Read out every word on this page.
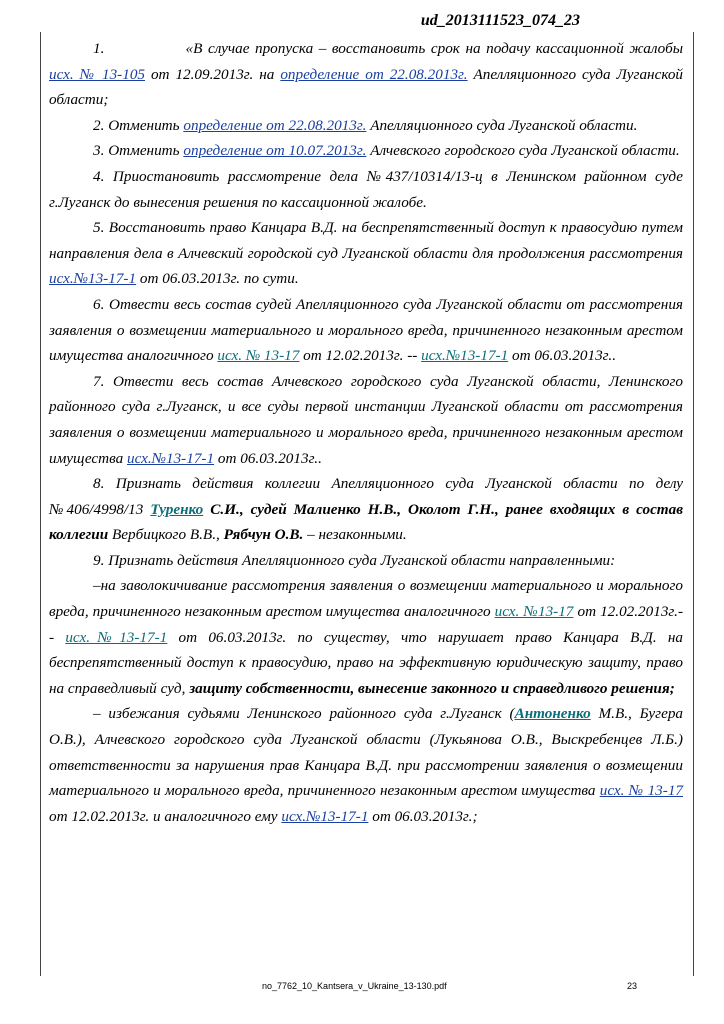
ud_2013111523_074_23

1.	«В случае пропуска – восстановить срок на подачу кассационной жалобы исх. № 13-105 от 12.09.2013г. на определение от 22.08.2013г. Апелляционного суда Луганской области;

2. Отменить определение от 22.08.2013г. Апелляционного суда Луганской области.

3. Отменить определение от 10.07.2013г. Алчевского городского суда Луганской области.

4. Приостановить рассмотрение дела №437/10314/13-ц в Ленинском районном суде г.Луганск до вынесения решения по кассационной жалобе.

5. Восстановить право Канцара В.Д. на беспрепятственный доступ к правосудию путем направления дела в Алчевский городской суд Луганской области для продолжения рассмотрения исх.№13-17-1 от 06.03.2013г. по сути.

6. Отвести весь состав судей Апелляционного суда Луганской области от рассмотрения заявления о возмещении материального и морального вреда, причиненного незаконным арестом имущества аналогичного исх. № 13-17 от 12.02.2013г. -- исх.№13-17-1 от 06.03.2013г..

7. Отвести весь состав Алчевского городского суда Луганской области, Ленинского районного суда г.Луганск, и все суды первой инстанции Луганской области от рассмотрения заявления о возмещении материального и морального вреда, причиненного незаконным арестом имущества исх.№13-17-1 от 06.03.2013г..

8. Признать действия коллегии Апелляционного суда Луганской области по делу №406/4998/13 Туренко С.И., судей Малиенко Н.В., Околот Г.Н., ранее входящих в состав коллегии Вербицкого В.В., Рябчун О.В. – незаконными.

9. Признать действия Апелляционного суда Луганской области направленными:

–на заволокичивание рассмотрения заявления о возмещении материального и морального вреда, причиненного незаконным арестом имущества аналогичного исх. №13-17 от 12.02.2013г.-- исх.№13-17-1 от 06.03.2013г. по существу, что нарушает право Канцара В.Д. на беспрепятственный доступ к правосудию, право на эффективную юридическую защиту, право на справедливый суд, защиту собственности, вынесение законного и справедливого решения;

– избежания судьями Ленинского районного суда г.Луганск (Антоненко М.В., Бугера О.В.), Алчевского городского суда Луганской области (Лукьянова О.В., Выскребенцев Л.Б.) ответственности за нарушения прав Канцара В.Д. при рассмотрении заявления о возмещении материального и морального вреда, причиненного незаконным арестом имущества исх. № 13-17 от 12.02.2013г. и аналогичного ему исх.№13-17-1 от 06.03.2013г.;

no_7762_10_Kantsera_v_Ukraine_13-130.pdf	23
